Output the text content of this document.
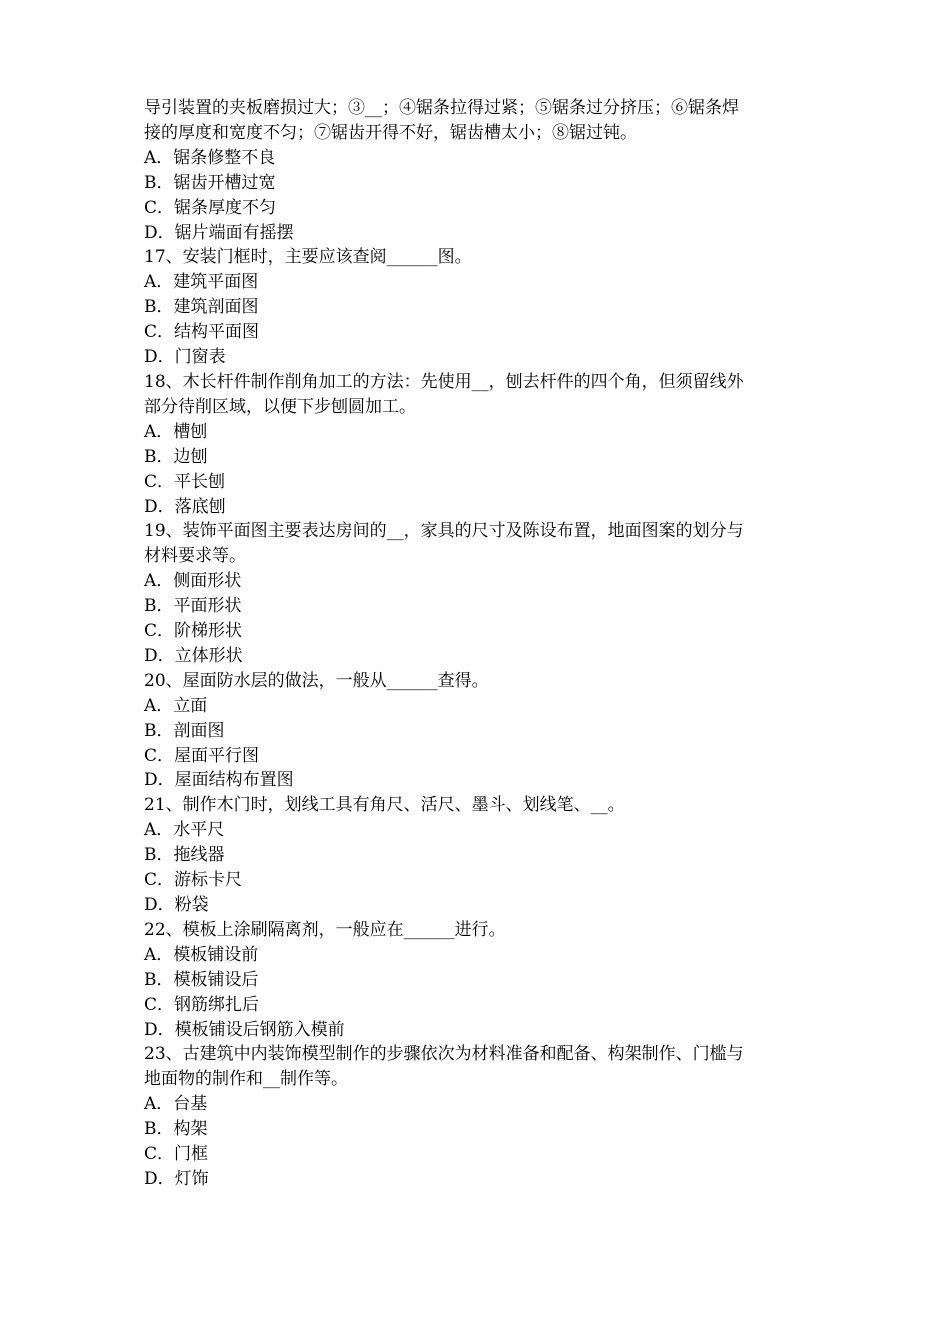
导引装置的夹板磨损过大；③__；④锯条拉得过紧；⑤锯条过分挤压；⑥锯条焊
接的厚度和宽度不匀；⑦锯齿开得不好，锯齿槽太小；⑧锯过钝。
A．锯条修整不良
B．锯齿开槽过宽
C．锯条厚度不匀
D．锯片端面有摇摆
17、安装门框时，主要应该查阅______图。
A．建筑平面图
B．建筑剖面图
C．结构平面图
D．门窗表
18、木长杆件制作削角加工的方法：先使用__，刨去杆件的四个角，但须留线外
部分待削区域，以便下步刨圆加工。
A．槽刨
B．边刨
C．平长刨
D．落底刨
19、装饰平面图主要表达房间的__，家具的尺寸及陈设布置，地面图案的划分与
材料要求等。
A．侧面形状
B．平面形状
C．阶梯形状
D．立体形状
20、屋面防水层的做法，一般从______查得。
A．立面
B．剖面图
C．屋面平行图
D．屋面结构布置图
21、制作木门时，划线工具有角尺、活尺、墨斗、划线笔、__。
A．水平尺
B．拖线器
C．游标卡尺
D．粉袋
22、模板上涂刷隔离剂，一般应在______进行。
A．模板铺设前
B．模板铺设后
C．钢筋绑扎后
D．模板铺设后钢筋入模前
23、古建筑中内装饰模型制作的步骤依次为材料准备和配备、构架制作、门槛与
地面物的制作和__制作等。
A．台基
B．构架
C．门框
D．灯饰
